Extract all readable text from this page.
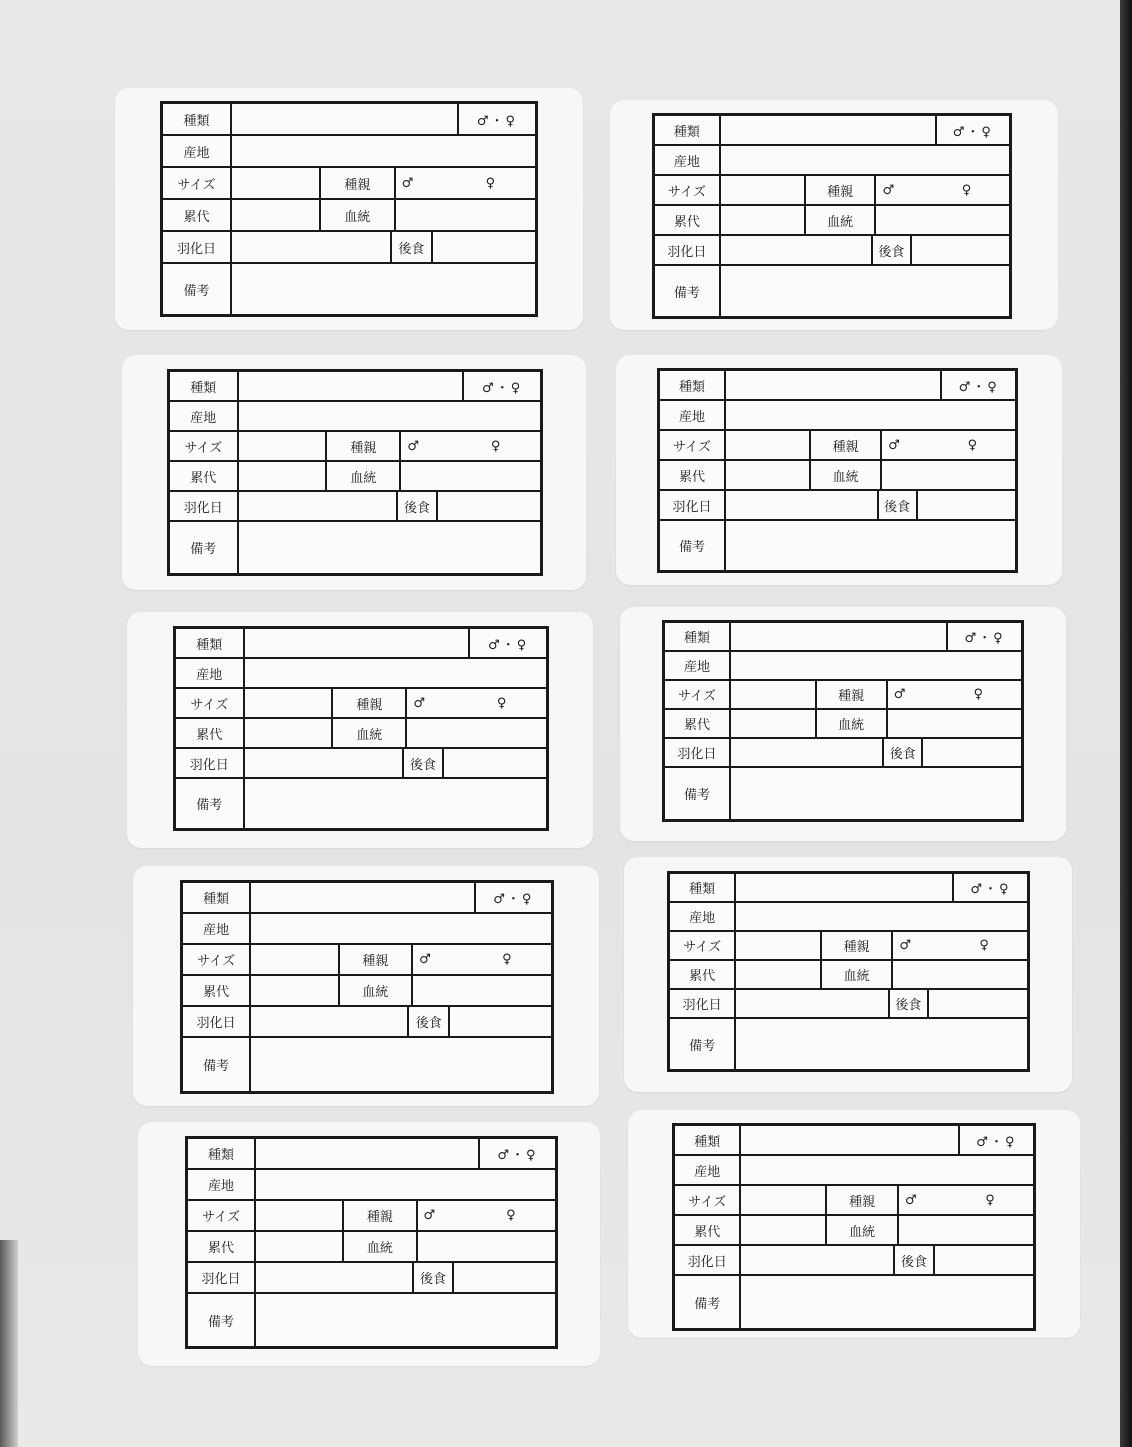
種類	♂・♀
産地
サイズ	種親	♂	♀
累代	血統
羽化日	後食
備考
種類	♂・♀
産地
サイズ	種親	♂	♀
累代	血統
羽化日	後食
備考
種類	♂・♀
産地
サイズ	種親	♂	♀
累代	血統
羽化日	後食
備考
種類	♂・♀
産地
サイズ	種親	♂	♀
累代	血統
羽化日	後食
備考
種類	♂・♀
産地
サイズ	種親	♂	♀
累代	血統
羽化日	後食
備考
種類	♂・♀
産地
サイズ	種親	♂	♀
累代	血統
羽化日	後食
備考
種類	♂・♀
産地
サイズ	種親	♂	♀
累代	血統
羽化日	後食
備考
種類	♂・♀
産地
サイズ	種親	♂	♀
累代	血統
羽化日	後食
備考
種類	♂・♀
産地
サイズ	種親	♂	♀
累代	血統
羽化日	後食
備考
種類	♂・♀
産地
サイズ	種親	♂	♀
累代	血統
羽化日	後食
備考
